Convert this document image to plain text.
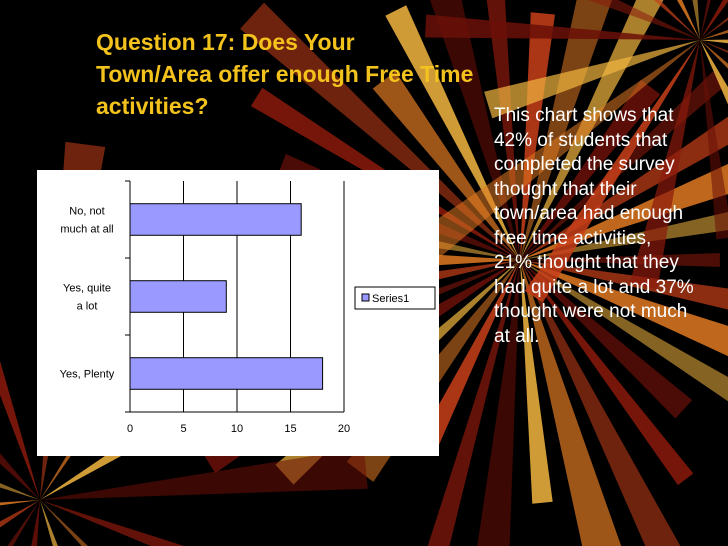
Question 17: Does Your
Town/Area offer enough Free Time
activities?	This chart shows that 42% of students that completed the survey thought that their town/area had enough free time activities, 21% thought that they had quite a lot and 37% thought were not much at all.

Yes, Plenty
Yes, quite a lot
No, not much at all
0	5	10	15	20
Series1
